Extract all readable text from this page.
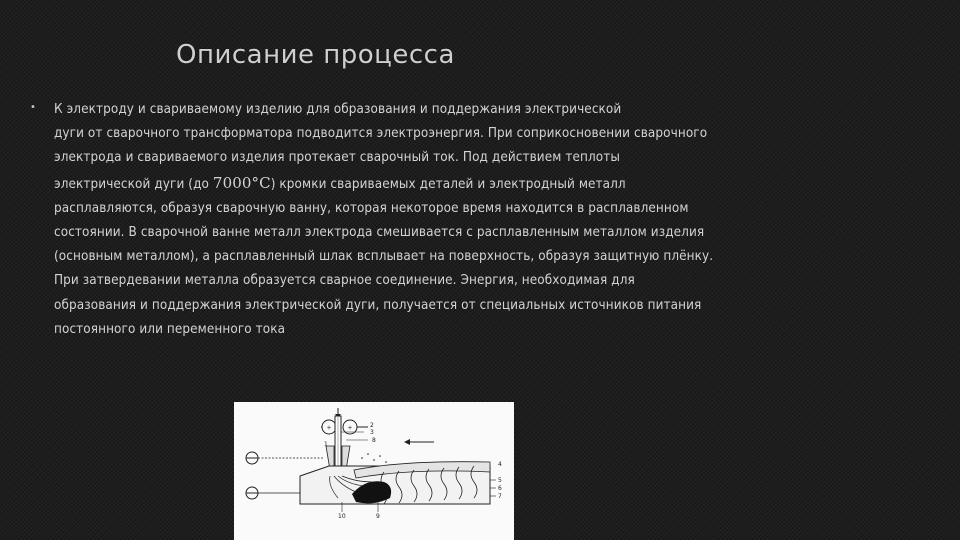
Описание процесса
• К электроду и свариваемому изделию для образования и поддержания электрической
дуги от сварочного трансформатора подводится электроэнергия. При соприкосновении сварочного
электрода и свариваемого изделия протекает сварочный ток. Под действием теплоты
электрической дуги (до 7000°С) кромки свариваемых деталей и электродный металл
расплавляются, образуя сварочную ванну, которая некоторое время находится в расплавленном
состоянии. В сварочной ванне металл электрода смешивается с расплавленным металлом изделия
(основным металлом), а расплавленный шлак всплывает на поверхность, образуя защитную плёнку.
При затвердевании металла образуется сварное соединение. Энергия, необходимая для
образования и поддержания электрической дуги, получается от специальных источников питания
постоянного или переменного тока

+	+
1
2
3
4
5
6
7
8
9
10
